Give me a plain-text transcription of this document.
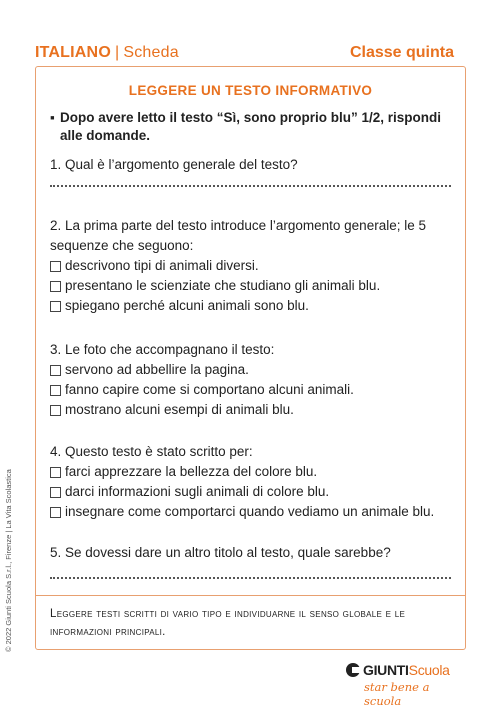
ITALIANO | Scheda	Classe quinta
LEGGERE UN TESTO INFORMATIVO
▪ Dopo avere letto il testo “Sì, sono proprio blu” 1/2, rispondi alle domande.
1. Qual è l’argomento generale del testo?
2. La prima parte del testo introduce l’argomento generale; le 5 sequenze che seguono:
descrivono tipi di animali diversi.
presentano le scienziate che studiano gli animali blu.
spiegano perché alcuni animali sono blu.
3. Le foto che accompagnano il testo:
servono ad abbellire la pagina.
fanno capire come si comportano alcuni animali.
mostrano alcuni esempi di animali blu.
4. Questo testo è stato scritto per:
farci apprezzare la bellezza del colore blu.
darci informazioni sugli animali di colore blu.
insegnare come comportarci quando vediamo un animale blu.
5. Se dovessi dare un altro titolo al testo, quale sarebbe?
Leggere testi scritti di vario tipo e individuarne il senso globale e le informazioni principali.
© 2022 Giunti Scuola S.r.l., Firenze | La Vita Scolastica
GIUNTIScuola
star bene a scuola
